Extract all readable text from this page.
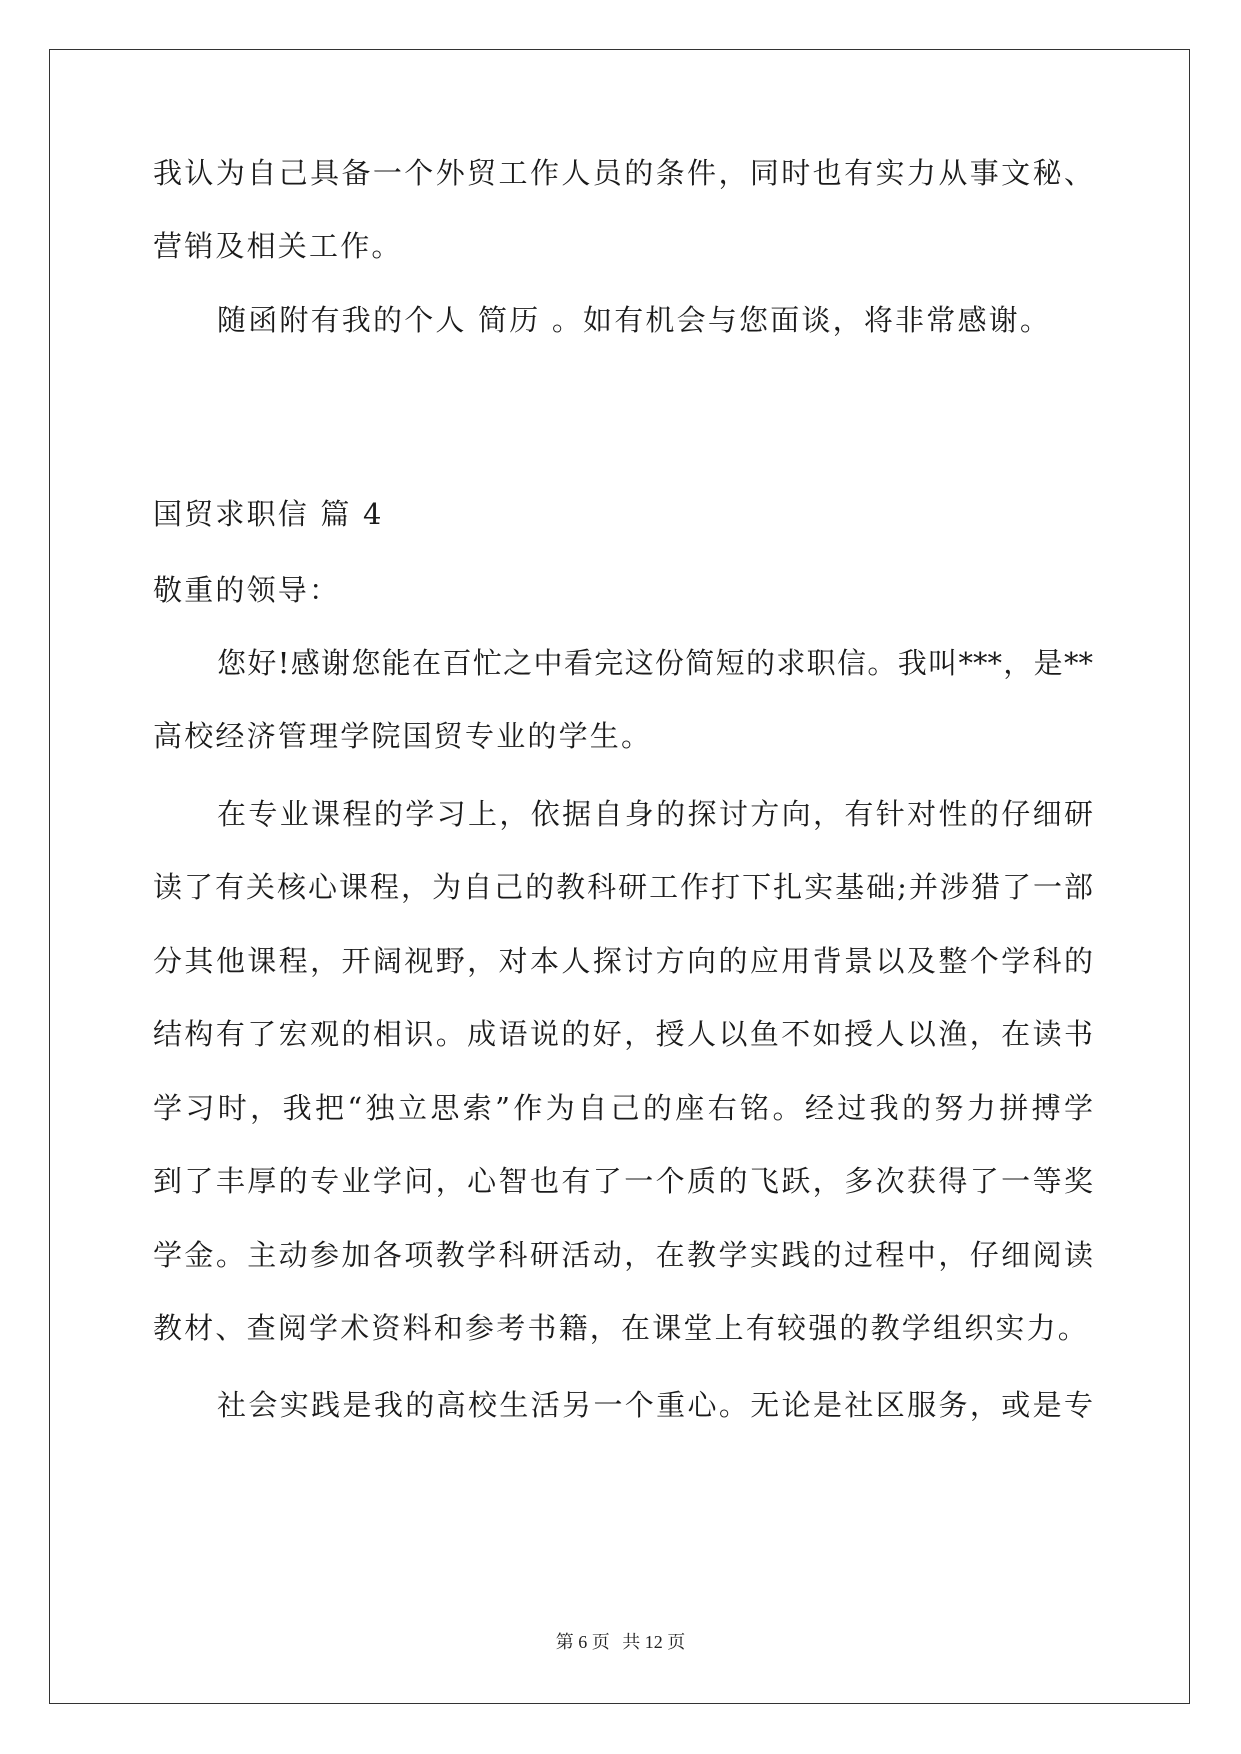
我认为自己具备一个外贸工作人员的条件，同时也有实力从事文秘、
营销及相关工作。
随函附有我的个人 简历 。如有机会与您面谈，将非常感谢。
国贸求职信 篇 4
敬重的领导：
您好!感谢您能在百忙之中看完这份简短的求职信。我叫***，是**
高校经济管理学院国贸专业的学生。
在专业课程的学习上，依据自身的探讨方向，有针对性的仔细研
读了有关核心课程，为自己的教科研工作打下扎实基础;并涉猎了一部
分其他课程，开阔视野，对本人探讨方向的应用背景以及整个学科的
结构有了宏观的相识。成语说的好，授人以鱼不如授人以渔，在读书
学习时，我把“独立思索”作为自己的座右铭。经过我的努力拼搏学
到了丰厚的专业学问，心智也有了一个质的飞跃，多次获得了一等奖
学金。主动参加各项教学科研活动，在教学实践的过程中，仔细阅读
教材、查阅学术资料和参考书籍，在课堂上有较强的教学组织实力。
社会实践是我的高校生活另一个重心。无论是社区服务，或是专
第 6 页 共 12 页
